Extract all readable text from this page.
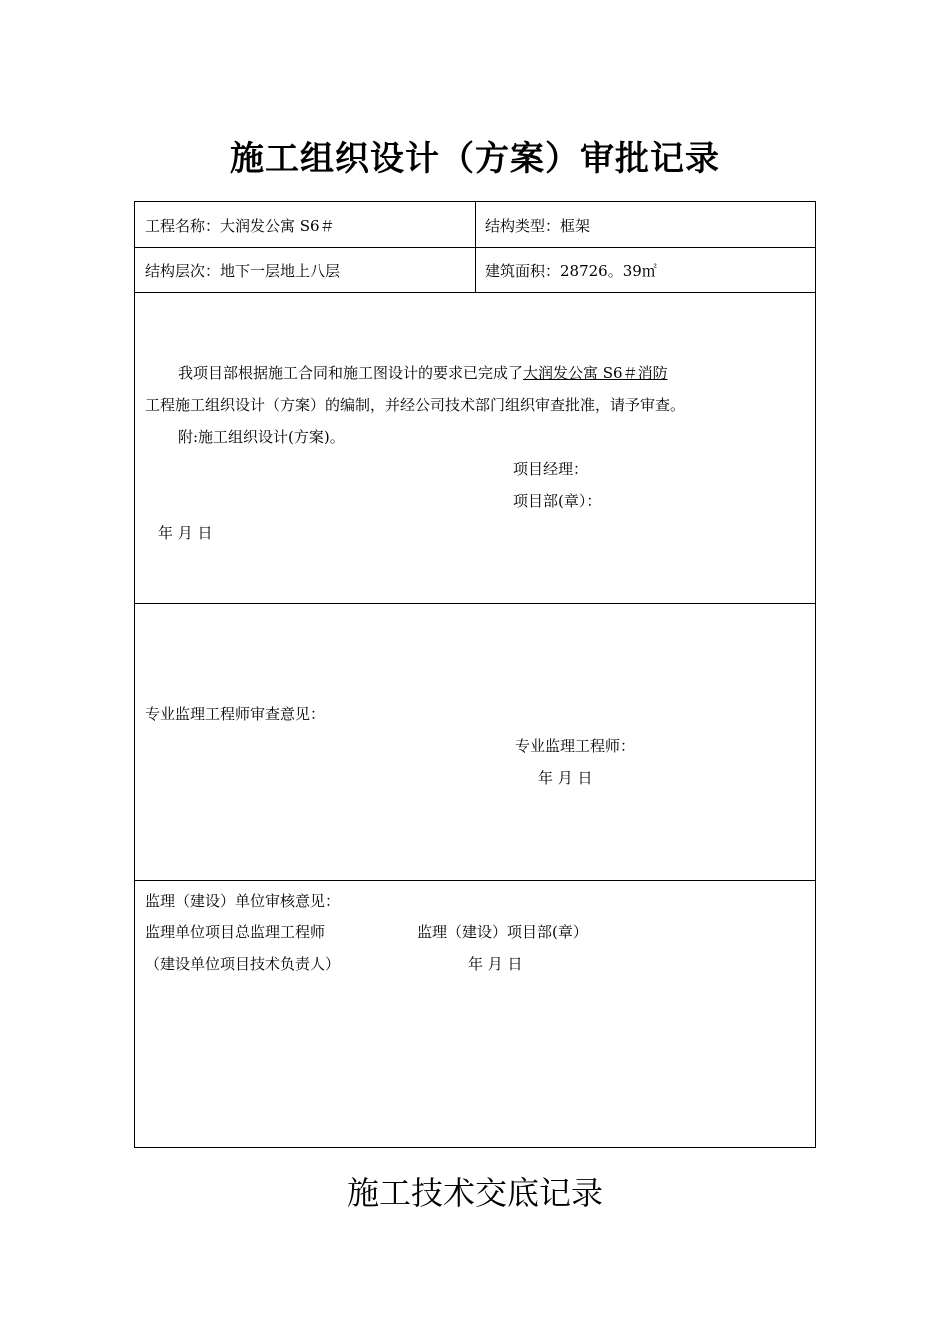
施工组织设计（方案）审批记录
工程名称：大润发公寓 S6＃	结构类型：框架
结构层次：地下一层地上八层	建筑面积：28726。39㎡
我项目部根据施工合同和施工图设计的要求已完成了大润发公寓 S6＃消防
工程施工组织设计（方案）的编制，并经公司技术部门组织审查批准，请予审查。
附:施工组织设计(方案)。
项目经理：
项目部(章）：
年 月 日
专业监理工程师审查意见：
专业监理工程师：
年 月 日
监理（建设）单位审核意见：
监理单位项目总监理工程师	监理（建设）项目部(章）
（建设单位项目技术负责人）	年 月 日
施工技术交底记录
